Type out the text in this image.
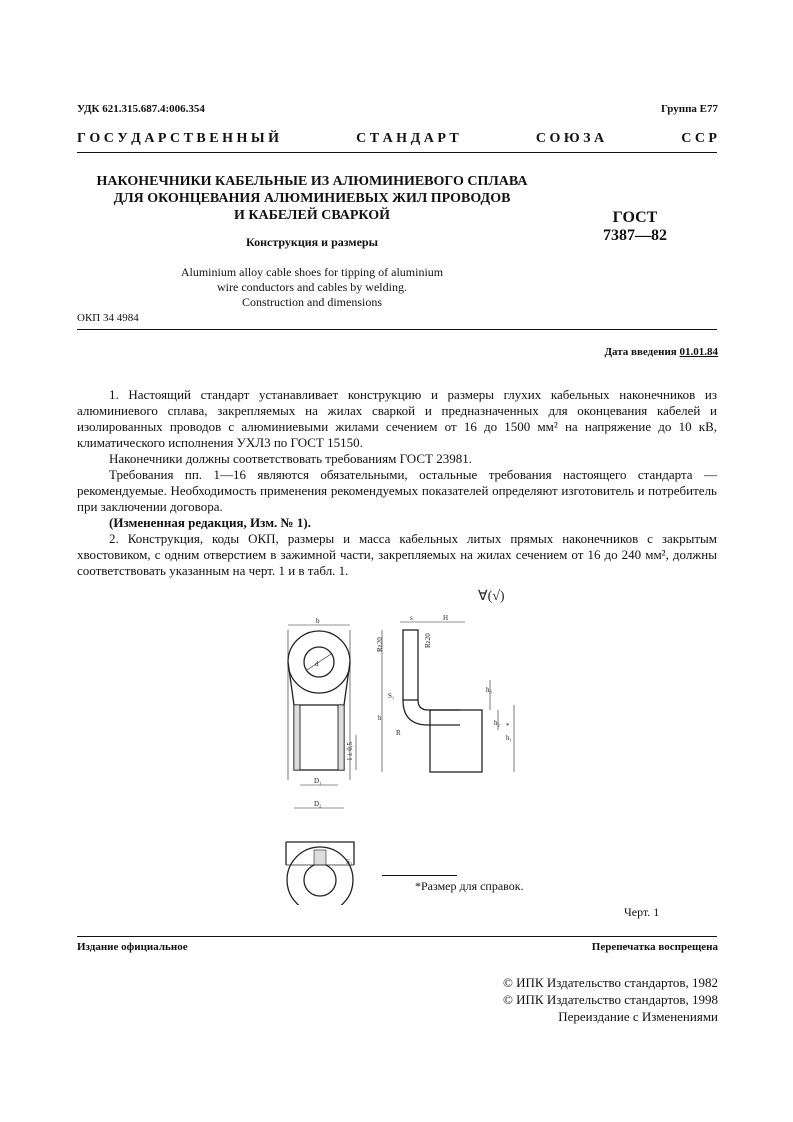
УДК 621.315.687.4:006.354	Группа Е77
Г О С У Д А Р С Т В Е Н Н Ы Й	С Т А Н Д А Р Т	С О Ю З А	С С Р
НАКОНЕЧНИКИ КАБЕЛЬНЫЕ ИЗ АЛЮМИНИЕВОГО СПЛАВА
ДЛЯ ОКОНЦЕВАНИЯ АЛЮМИНИЕВЫХ ЖИЛ ПРОВОДОВ
И КАБЕЛЕЙ СВАРКОЙ
Конструкция и размеры
Aluminium alloy cable shoes for tipping of aluminium
wire conductors and cables by welding.
Construction and dimensions
ГОСТ
7387—82
ОКП 34 4984
Дата введения 01.01.84

1. Настоящий стандарт устанавливает конструкцию и размеры глухих кабельных наконечников из алюминиевого сплава, закрепляемых на жилах сваркой и предназначенных для оконцевания кабелей и изолированных проводов с алюминиевыми жилами сечением от 16 до 1500 мм² на напряжение до 10 кВ, климатического исполнения УХЛ3 по ГОСТ 15150.

Наконечники должны соответствовать требованиям ГОСТ 23981.

Требования пп. 1—16 являются обязательными, остальные требования настоящего стандарта — рекомендуемые. Необходимость применения рекомендуемых показателей определяют изготовитель и потребитель при заключении договора.

(Измененная редакция, Изм. № 1).

2. Конструкция, коды ОКП, размеры и масса кабельных литых прямых наконечников с закрытым хвостовиком, с одним отверстием в зажимной части, закрепляемых на жилах сечением от 16 до 240 мм², должны соответствовать указанным на черт. 1 и в табл. 1.

∀(√)
b
d
D₁
D₂
l ± 0,5
s	H
Rz20	Rz20
h
S₁
R
h₃
h₂
h₁
*
S₂
*Размер для справок.
Черт. 1
Издание официальное	Перепечатка воспрещена
© ИПК Издательство стандартов, 1982
© ИПК Издательство стандартов, 1998
Переиздание с Изменениями
